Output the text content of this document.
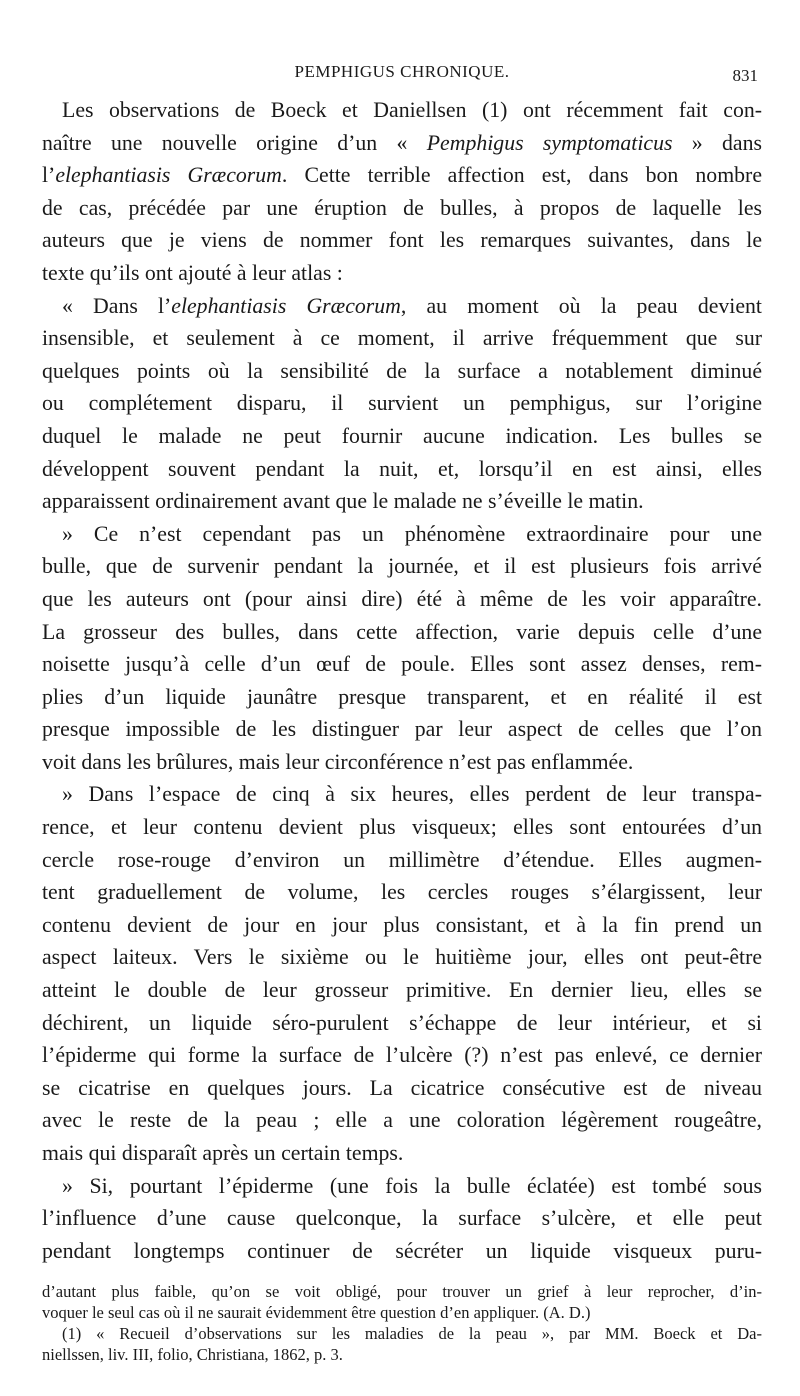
PEMPHIGUS CHRONIQUE.	831
Les observations de Boeck et Daniellsen (1) ont récemment fait con-
naître une nouvelle origine d’un « Pemphigus symptomaticus » dans
l’elephantiasis Græcorum. Cette terrible affection est, dans bon nombre
de cas, précédée par une éruption de bulles, à propos de laquelle les
auteurs que je viens de nommer font les remarques suivantes, dans le
texte qu’ils ont ajouté à leur atlas :
« Dans l’elephantiasis Græcorum, au moment où la peau devient
insensible, et seulement à ce moment, il arrive fréquemment que sur
quelques points où la sensibilité de la surface a notablement diminué
ou complétement disparu, il survient un pemphigus, sur l’origine
duquel le malade ne peut fournir aucune indication. Les bulles se
développent souvent pendant la nuit, et, lorsqu’il en est ainsi, elles
apparaissent ordinairement avant que le malade ne s’éveille le matin.
» Ce n’est cependant pas un phénomène extraordinaire pour une
bulle, que de survenir pendant la journée, et il est plusieurs fois arrivé
que les auteurs ont (pour ainsi dire) été à même de les voir apparaître.
La grosseur des bulles, dans cette affection, varie depuis celle d’une
noisette jusqu’à celle d’un œuf de poule. Elles sont assez denses, rem-
plies d’un liquide jaunâtre presque transparent, et en réalité il est
presque impossible de les distinguer par leur aspect de celles que l’on
voit dans les brûlures, mais leur circonférence n’est pas enflammée.
» Dans l’espace de cinq à six heures, elles perdent de leur transpa-
rence, et leur contenu devient plus visqueux; elles sont entourées d’un
cercle rose-rouge d’environ un millimètre d’étendue. Elles augmen-
tent graduellement de volume, les cercles rouges s’élargissent, leur
contenu devient de jour en jour plus consistant, et à la fin prend un
aspect laiteux. Vers le sixième ou le huitième jour, elles ont peut-être
atteint le double de leur grosseur primitive. En dernier lieu, elles se
déchirent, un liquide séro-purulent s’échappe de leur intérieur, et si
l’épiderme qui forme la surface de l’ulcère (?) n’est pas enlevé, ce dernier
se cicatrise en quelques jours. La cicatrice consécutive est de niveau
avec le reste de la peau ; elle a une coloration légèrement rougeâtre,
mais qui disparaît après un certain temps.
» Si, pourtant l’épiderme (une fois la bulle éclatée) est tombé sous
l’influence d’une cause quelconque, la surface s’ulcère, et elle peut
pendant longtemps continuer de sécréter un liquide visqueux puru-
d’autant plus faible, qu’on se voit obligé, pour trouver un grief à leur reprocher, d’in-
voquer le seul cas où il ne saurait évidemment être question d’en appliquer. (A. D.)
(1) « Recueil d’observations sur les maladies de la peau », par MM. Boeck et Da-
niellssen, liv. III, folio, Christiana, 1862, p. 3.
